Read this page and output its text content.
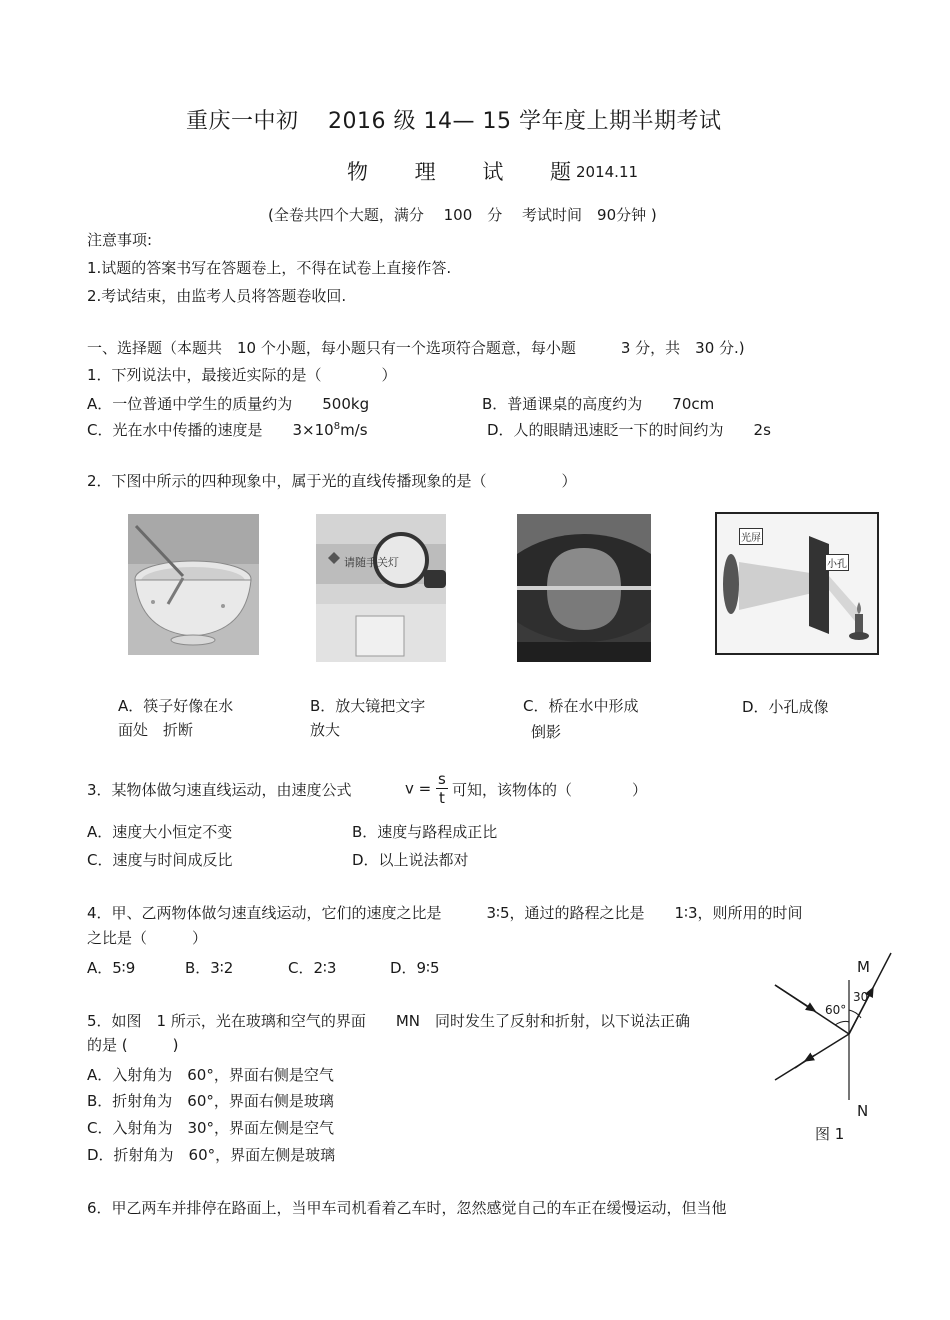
重庆一中初 2016 级 14— 15 学年度上期半期考试
物 理 试 题
2014.11
(全卷共四个大题，满分　 100　分　 考试时间　90分钟 )
注意事项:
1.试题的答案书写在答题卷上，不得在试卷上直接作答.
2.考试结束，由监考人员将答题卷收回.
一、选择题（本题共　10 个小题，每小题只有一个选项符合题意，每小题　　　3 分，共　30 分.)
1．下列说法中，最接近实际的是（　　　　）
A．一位普通中学生的质量约为　　500kg	B．普通课桌的高度约为　　70cm
C．光在水中传播的速度是　　$3\times 10^8m/s$	D．人的眼睛迅速眨一下的时间约为　　2s
2．下图中所示的四种现象中，属于光的直线传播现象的是（　　　　　）
请随手关灯
光屏
小孔
A．筷子好像在水
面处　折断
B．放大镜把文字
放大
C．桥在水中形成
倒影
D．小孔成像
3．某物体做匀速直线运动，由速度公式	$v = \frac{s}{t}$ 可知，该物体的（　　　　）
A．速度大小恒定不变	B．速度与路程成正比
C．速度与时间成反比	D．以上说法都对
4．甲、乙两物体做匀速直线运动，它们的速度之比是　　　3∶5，通过的路程之比是　　1∶3，则所用的时间
之比是（　　　）
A．5∶9	B．3∶2	C．2∶3	D．9∶5
5．如图　1 所示，光在玻璃和空气的界面　　MN　同时发生了反射和折射，以下说法正确
的是 (　　　)
A．入射角为　60°，界面右侧是空气
B．折射角为　60°，界面右侧是玻璃
C．入射角为　30°，界面左侧是空气
D．折射角为　60°，界面左侧是玻璃
M
30
60°
N
图 1
6．甲乙两车并排停在路面上，当甲车司机看着乙车时，忽然感觉自己的车正在缓慢运动，但当他
